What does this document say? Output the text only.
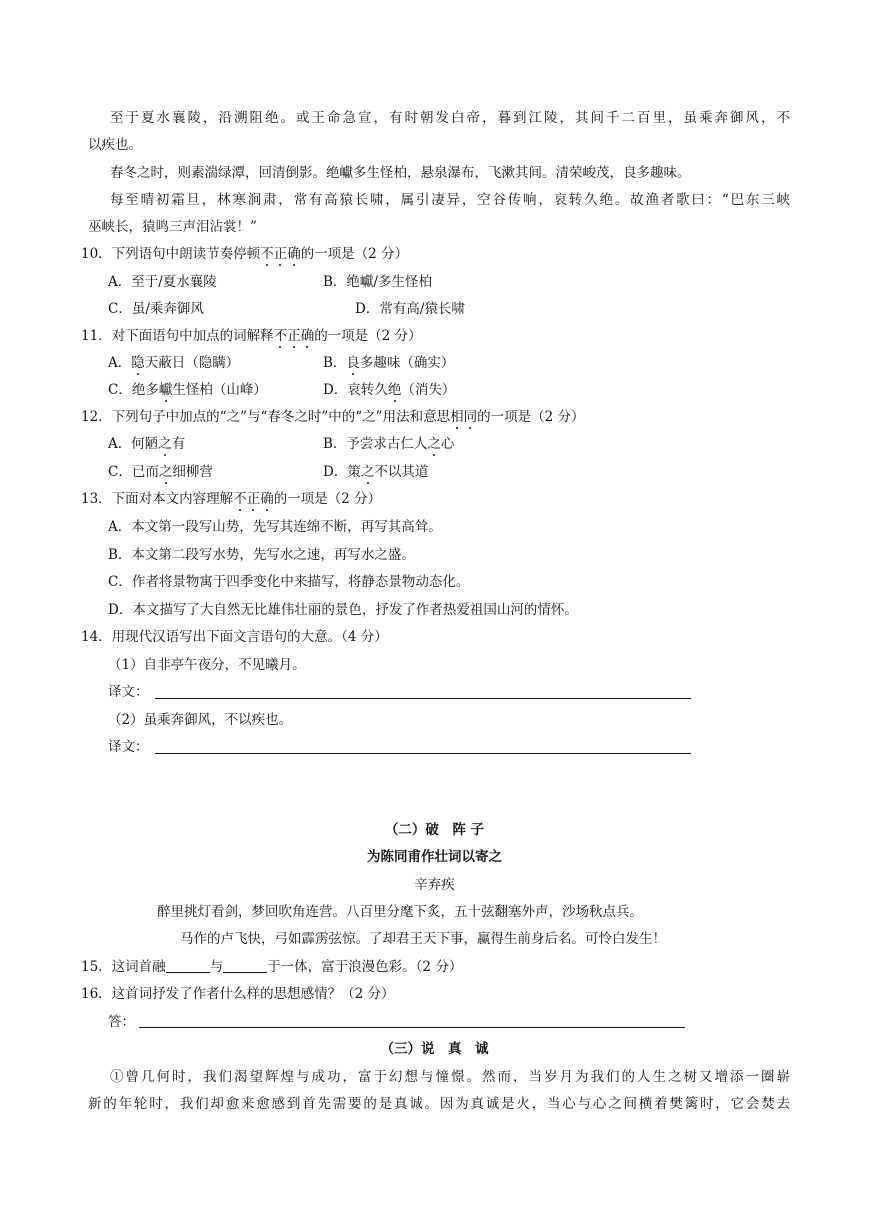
至于夏水襄陵，沿溯阻绝。或王命急宣，有时朝发白帝，暮到江陵，其间千二百里，虽乘奔御风，不
以疾也。
春冬之时，则素湍绿潭，回清倒影。绝巘多生怪柏，悬泉瀑布，飞漱其间。清荣峻茂，良多趣味。
每至晴初霜旦，林寒涧肃，常有高猿长啸，属引凄异，空谷传响，哀转久绝。故渔者歌曰：“巴东三峡
巫峡长，猿鸣三声泪沾裳！”
10．下列语句中朗读节奏停顿不正确的一项是（2 分）
A．至于/夏水襄陵	B．绝巘/多生怪柏
C．虽/乘奔御风	D．常有高/猿长啸
11．对下面语句中加点的词解释不正确的一项是（2 分）
A．隐天蔽日（隐瞒）	B．良多趣味（确实）
C．绝多巘生怪柏（山峰）	D．哀转久绝（消失）
12．下列句子中加点的“之”与“春冬之时”中的“之”用法和意思相同的一项是（2 分）
A．何陋之有	B．予尝求古仁人之心
C．已而之细柳营	D．策之不以其道
13．下面对本文内容理解不正确的一项是（2 分）
A．本文第一段写山势，先写其连绵不断，再写其高耸。
B．本文第二段写水势，先写水之速，再写水之盛。
C．作者将景物寓于四季变化中来描写，将静态景物动态化。
D．本文描写了大自然无比雄伟壮丽的景色，抒发了作者热爱祖国山河的情怀。
14．用现代汉语写出下面文言语句的大意。（4 分）
（1）自非亭午夜分，不见曦月。
译文：
（2）虽乘奔御风，不以疾也。
译文：
（二）破　阵 子
为陈同甫作壮词以寄之
辛弃疾
醉里挑灯看剑，梦回吹角连营。八百里分麾下炙，五十弦翻塞外声，沙场秋点兵。
马作的卢飞快，弓如霹雳弦惊。了却君王天下事，赢得生前身后名。可怜白发生！
15．这词首融	与	于一体，富于浪漫色彩。（2 分）
16．这首词抒发了作者什么样的思想感情？（2 分）
答：
（三）说　真　诚
①曾几何时，我们渴望辉煌与成功，富于幻想与憧憬。然而，当岁月为我们的人生之树又增添一圈崭
新的年轮时，我们却愈来愈感到首先需要的是真诚。因为真诚是火，当心与心之间横着樊篱时，它会焚去
